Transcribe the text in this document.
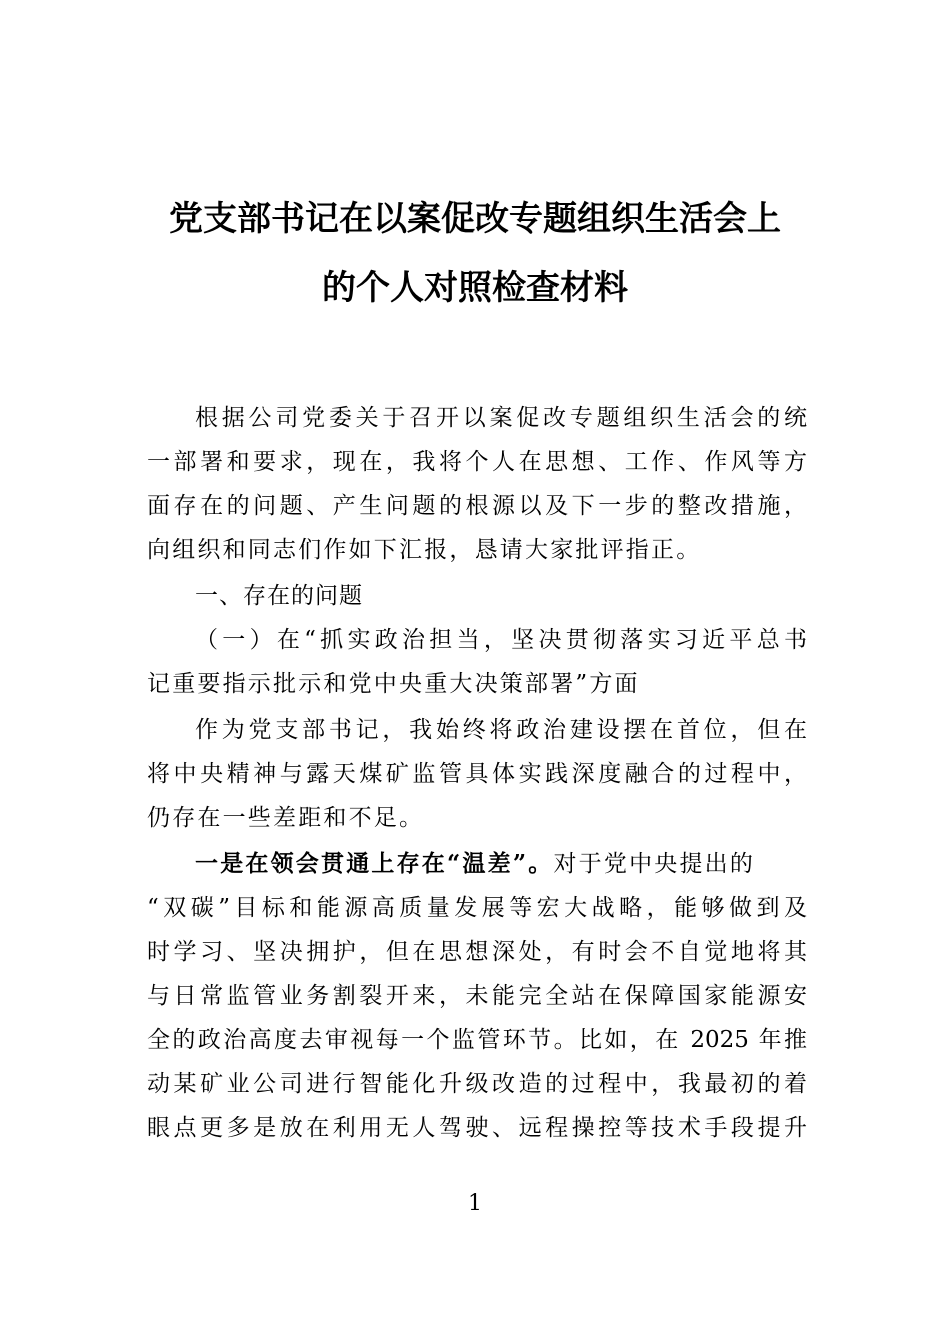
党支部书记在以案促改专题组织生活会上
的个人对照检查材料
根据公司党委关于召开以案促改专题组织生活会的统
一部署和要求，现在，我将个人在思想、工作、作风等方
面存在的问题、产生问题的根源以及下一步的整改措施，
向组织和同志们作如下汇报，恳请大家批评指正。
一、存在的问题
（一）在“抓实政治担当，坚决贯彻落实习近平总书
记重要指示批示和党中央重大决策部署”方面
作为党支部书记，我始终将政治建设摆在首位，但在
将中央精神与露天煤矿监管具体实践深度融合的过程中，
仍存在一些差距和不足。
一是在领会贯通上存在“温差”。对于党中央提出的
“双碳”目标和能源高质量发展等宏大战略，能够做到及
时学习、坚决拥护，但在思想深处，有时会不自觉地将其
与日常监管业务割裂开来，未能完全站在保障国家能源安
全的政治高度去审视每一个监管环节。比如，在 2025 年推
动某矿业公司进行智能化升级改造的过程中，我最初的着
眼点更多是放在利用无人驾驶、远程操控等技术手段提升
1
